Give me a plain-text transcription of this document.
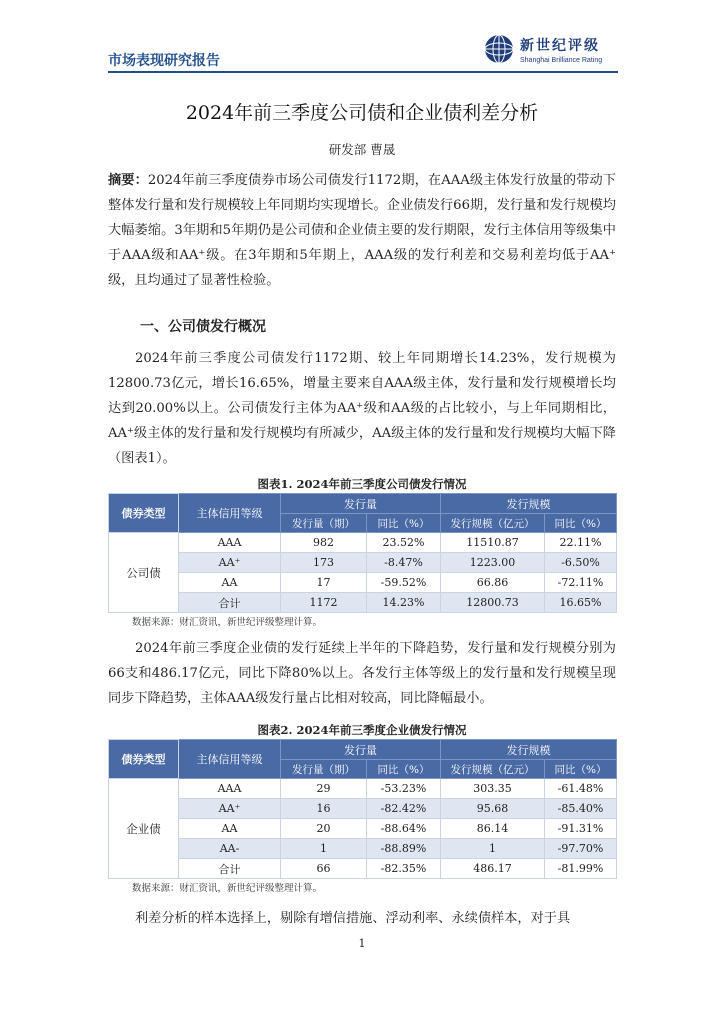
市场表现研究报告
新世纪评级
Shanghai Brilliance Rating
2024年前三季度公司债和企业债利差分析
研发部 曹晟
摘要：2024年前三季度债券市场公司债发行1172期，在AAA级主体发行放量的带动下整体发行量和发行规模较上年同期均实现增长。企业债发行66期，发行量和发行规模均大幅萎缩。3年期和5年期仍是公司债和企业债主要的发行期限，发行主体信用等级集中于AAA级和AA⁺级。在3年期和5年期上，AAA级的发行利差和交易利差均低于AA⁺级，且均通过了显著性检验。
一、公司债发行概况
2024年前三季度公司债发行1172期、较上年同期增长14.23%，发行规模为12800.73亿元，增长16.65%，增量主要来自AAA级主体，发行量和发行规模增长均达到20.00%以上。公司债发行主体为AA⁺级和AA级的占比较小，与上年同期相比，AA⁺级主体的发行量和发行规模均有所减少，AA级主体的发行量和发行规模均大幅下降（图表1）。
图表1. 2024年前三季度公司债发行情况
债券类型	主体信用等级	发行量		发行规模	
		发行量（期）	同比（%）	发行规模（亿元）	同比（%）
公司债	AAA	982	23.52%	11510.87	22.11%
	AA⁺	173	-8.47%	1223.00	-6.50%
	AA	17	-59.52%	66.86	-72.11%
	合计	1172	14.23%	12800.73	16.65%
数据来源：财汇资讯，新世纪评级整理计算。
2024年前三季度企业债的发行延续上半年的下降趋势，发行量和发行规模分别为66支和486.17亿元，同比下降80%以上。各发行主体等级上的发行量和发行规模呈现同步下降趋势，主体AAA级发行量占比相对较高，同比降幅最小。
图表2. 2024年前三季度企业债发行情况
债券类型	主体信用等级	发行量		发行规模	
		发行量（期）	同比（%）	发行规模（亿元）	同比（%）
企业债	AAA	29	-53.23%	303.35	-61.48%
	AA⁺	16	-82.42%	95.68	-85.40%
	AA	20	-88.64%	86.14	-91.31%
	AA-	1	-88.89%	1	-97.70%
	合计	66	-82.35%	486.17	-81.99%
数据来源：财汇资讯，新世纪评级整理计算。
利差分析的样本选择上，剔除有增信措施、浮动利率、永续债样本，对于具
1
